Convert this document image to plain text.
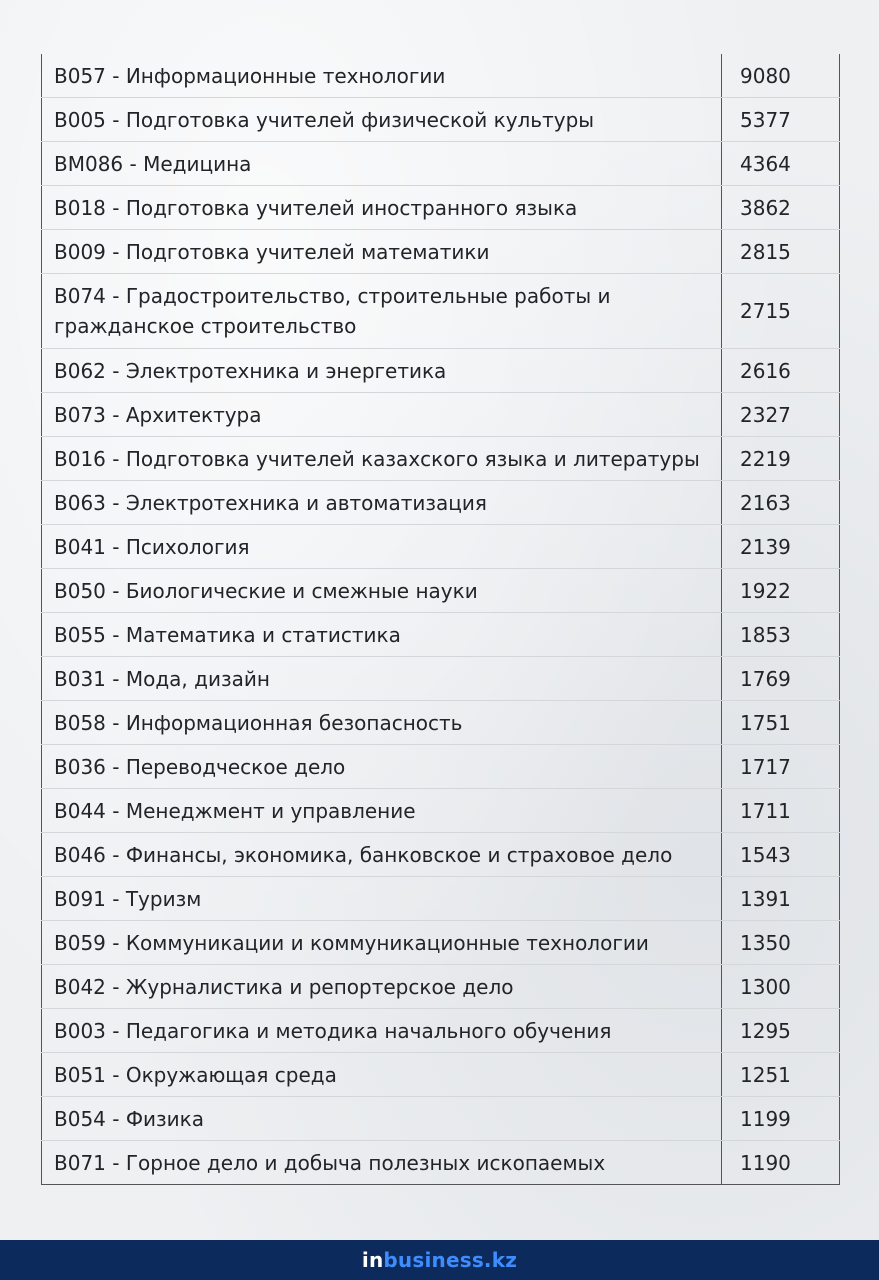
В057 - Информационные технологии	9080
В005 - Подготовка учителей физической культуры	5377
ВМ086 - Медицина	4364
В018 - Подготовка учителей иностранного языка	3862
В009 - Подготовка учителей математики	2815
В074 - Градостроительство, строительные работы и гражданское строительство	2715
В062 - Электротехника и энергетика	2616
В073 - Архитектура	2327
В016 - Подготовка учителей казахского языка и литературы	2219
В063 - Электротехника и автоматизация	2163
В041 - Психология	2139
В050 - Биологические и смежные науки	1922
В055 - Математика и статистика	1853
В031 - Мода, дизайн	1769
В058 - Информационная безопасность	1751
В036 - Переводческое дело	1717
В044 - Менеджмент и управление	1711
В046 - Финансы, экономика, банковское и страховое дело	1543
В091 - Туризм	1391
В059 - Коммуникации и коммуникационные технологии	1350
В042 - Журналистика и репортерское дело	1300
В003 - Педагогика и методика начального обучения	1295
В051 - Окружающая среда	1251
В054 - Физика	1199
В071 - Горное дело и добыча полезных ископаемых	1190
in business.kz
